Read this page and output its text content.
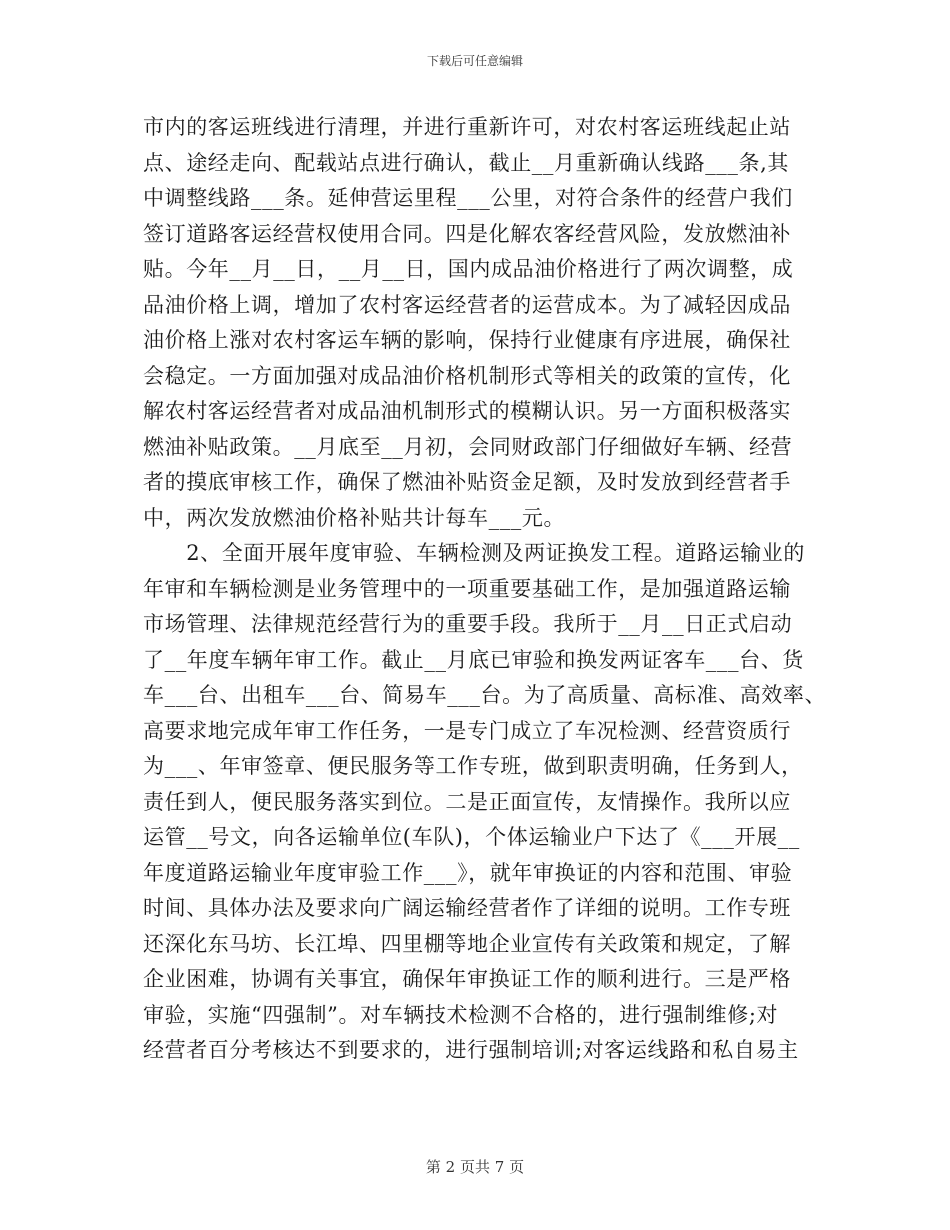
下载后可任意编辑
市内的客运班线进行清理，并进行重新许可，对农村客运班线起止站
点、途经走向、配载站点进行确认，截止__月重新确认线路___条,其
中调整线路___条。延伸营运里程___公里，对符合条件的经营户我们
签订道路客运经营权使用合同。四是化解农客经营风险，发放燃油补
贴。今年__月__日，__月__日，国内成品油价格进行了两次调整，成
品油价格上调，增加了农村客运经营者的运营成本。为了减轻因成品
油价格上涨对农村客运车辆的影响，保持行业健康有序进展，确保社
会稳定。一方面加强对成品油价格机制形式等相关的政策的宣传，化
解农村客运经营者对成品油机制形式的模糊认识。另一方面积极落实
燃油补贴政策。__月底至__月初，会同财政部门仔细做好车辆、经营
者的摸底审核工作，确保了燃油补贴资金足额，及时发放到经营者手
中，两次发放燃油价格补贴共计每车___元。
　　2、全面开展年度审验、车辆检测及两证换发工程。道路运输业的
年审和车辆检测是业务管理中的一项重要基础工作，是加强道路运输
市场管理、法律规范经营行为的重要手段。我所于__月__日正式启动
了__年度车辆年审工作。截止__月底已审验和换发两证客车___台、货
车___台、出租车___台、简易车___台。为了高质量、高标准、高效率、
高要求地完成年审工作任务，一是专门成立了车况检测、经营资质行
为___、年审签章、便民服务等工作专班，做到职责明确，任务到人，
责任到人，便民服务落实到位。二是正面宣传，友情操作。我所以应
运管__号文，向各运输单位(车队)，个体运输业户下达了《___开展__
年度道路运输业年度审验工作___》，就年审换证的内容和范围、审验
时间、具体办法及要求向广阔运输经营者作了详细的说明。工作专班
还深化东马坊、长江埠、四里棚等地企业宣传有关政策和规定，了解
企业困难，协调有关事宜，确保年审换证工作的顺利进行。三是严格
审验，实施“四强制”。对车辆技术检测不合格的，进行强制维修;对
经营者百分考核达不到要求的，进行强制培训;对客运线路和私自易主
第 2 页共 7 页
